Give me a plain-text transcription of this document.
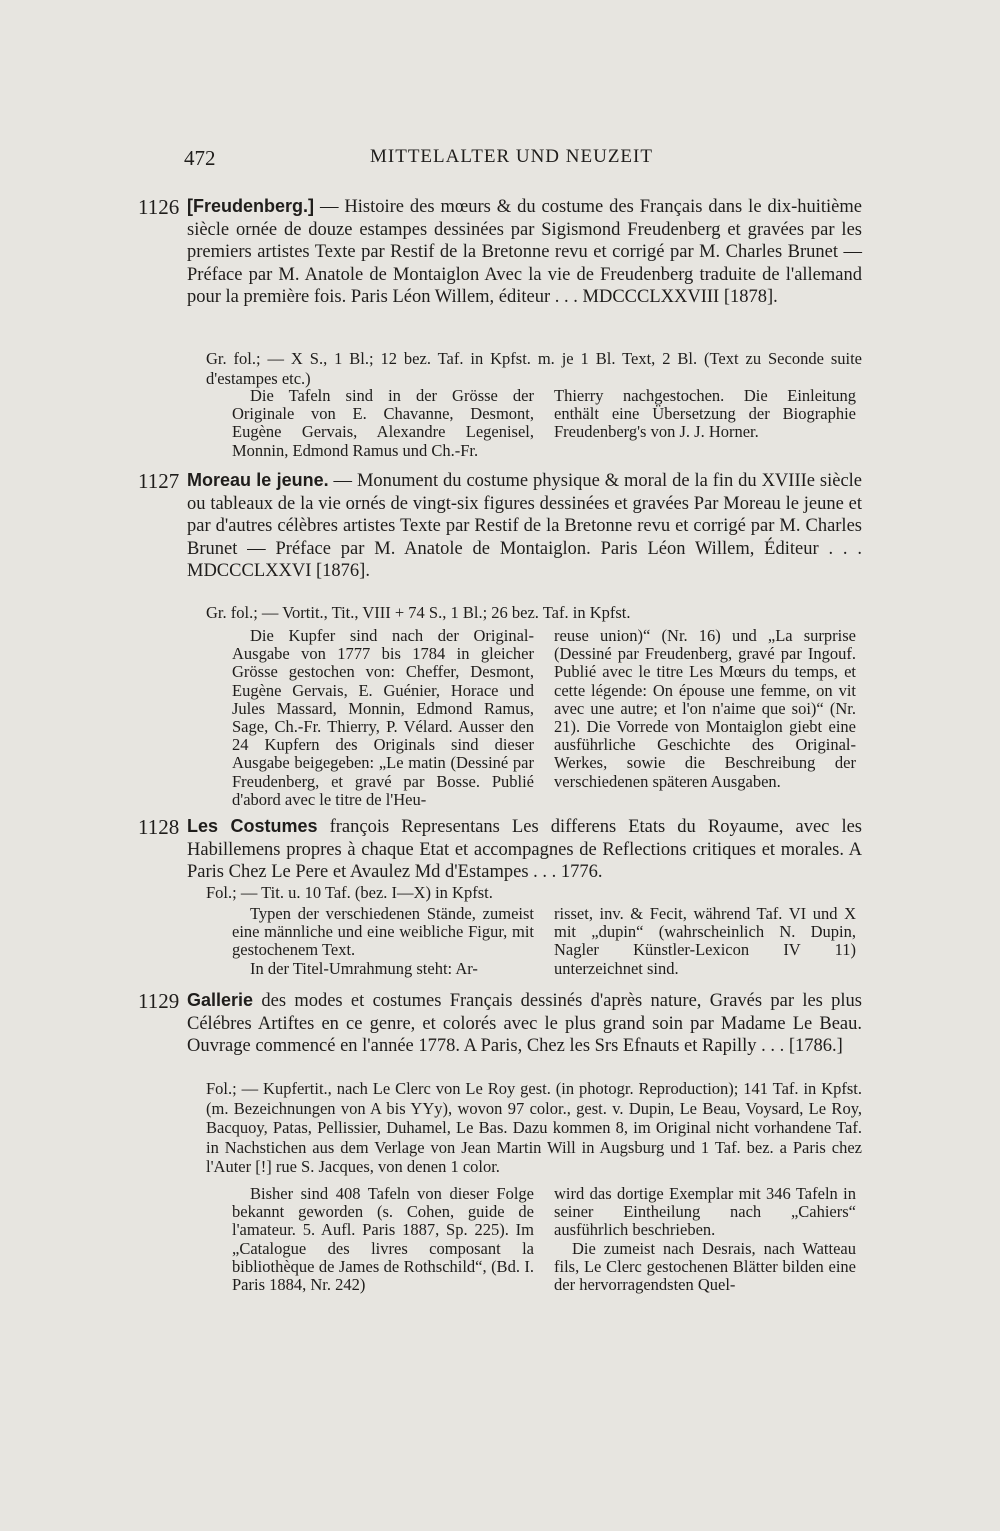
472	MITTELALTER UND NEUZEIT
1126 [Freudenberg.] — Histoire des mœurs & du costume des Français dans le dix-huitième siècle ornée de douze estampes dessinées par Sigismond Freudenberg et gravées par les premiers artistes Texte par Restif de la Bretonne revu et corrigé par M. Charles Brunet — Préface par M. Anatole de Montaiglon Avec la vie de Freudenberg traduite de l'allemand pour la première fois. Paris Léon Willem, éditeur . . . MDCCCLXXVIII [1878].
Gr. fol.; — X S., 1 Bl.; 12 bez. Taf. in Kpfst. m. je 1 Bl. Text, 2 Bl. (Text zu Seconde suite d'estampes etc.)

Die Tafeln sind in der Grösse der Originale von E. Chavanne, Desmont, Eugène Gervais, Alexandre Legenisel, Monnin, Edmond Ramus und Ch.-Fr.

Thierry nachgestochen. Die Einleitung enthält eine Übersetzung der Biographie Freudenberg's von J. J. Horner.

1127 Moreau le jeune. — Monument du costume physique & moral de la fin du XVIIIe siècle ou tableaux de la vie ornés de vingt-six figures dessinées et gravées Par Moreau le jeune et par d'autres célèbres artistes Texte par Restif de la Bretonne revu et corrigé par M. Charles Brunet — Préface par M. Anatole de Montaiglon. Paris Léon Willem, Éditeur . . . MDCCCLXXVI [1876].
Gr. fol.; — Vortit., Tit., VIII + 74 S., 1 Bl.; 26 bez. Taf. in Kpfst.

Die Kupfer sind nach der Original-Ausgabe von 1777 bis 1784 in gleicher Grösse gestochen von: Cheffer, Desmont, Eugène Gervais, E. Guénier, Horace und Jules Massard, Monnin, Edmond Ramus, Sage, Ch.-Fr. Thierry, P. Vélard. Ausser den 24 Kupfern des Originals sind dieser Ausgabe beigegeben: „Le matin (Dessiné par Freudenberg, et gravé par Bosse. Publié d'abord avec le titre de l'Heu-

reuse union)“ (Nr. 16) und „La surprise (Dessiné par Freudenberg, gravé par Ingouf. Publié avec le titre Les Mœurs du temps, et cette légende: On épouse une femme, on vit avec une autre; et l'on n'aime que soi)“ (Nr. 21). Die Vorrede von Montaiglon giebt eine ausführliche Geschichte des Original-Werkes, sowie die Beschreibung der verschiedenen späteren Ausgaben.

1128 Les Costumes françois Representans Les differens Etats du Royaume, avec les Habillemens propres à chaque Etat et accompagnes de Reflections critiques et morales. A Paris Chez Le Pere et Avaulez Md d'Estampes . . . 1776.
Fol.; — Tit. u. 10 Taf. (bez. I—X) in Kpfst.

Typen der verschiedenen Stände, zumeist eine männliche und eine weibliche Figur, mit gestochenem Text.

In der Titel-Umrahmung steht: Ar-

risset, inv. & Fecit, während Taf. VI und X mit „dupin“ (wahrscheinlich N. Dupin, Nagler Künstler-Lexicon IV 11) unterzeichnet sind.

1129 Gallerie des modes et costumes Français dessinés d'après nature, Gravés par les plus Célébres Artiftes en ce genre, et colorés avec le plus grand soin par Madame Le Beau. Ouvrage commencé en l'année 1778. A Paris, Chez les Srs Efnauts et Rapilly . . . [1786.]
Fol.; — Kupfertit., nach Le Clerc von Le Roy gest. (in photogr. Reproduction); 141 Taf. in Kpfst. (m. Bezeichnungen von A bis YYy), wovon 97 color., gest. v. Dupin, Le Beau, Voysard, Le Roy, Bacquoy, Patas, Pellissier, Duhamel, Le Bas. Dazu kommen 8, im Original nicht vorhandene Taf. in Nachstichen aus dem Verlage von Jean Martin Will in Augsburg und 1 Taf. bez. a Paris chez l'Auter [!] rue S. Jacques, von denen 1 color.

Bisher sind 408 Tafeln von dieser Folge bekannt geworden (s. Cohen, guide de l'amateur. 5. Aufl. Paris 1887, Sp. 225). Im „Catalogue des livres composant la bibliothèque de James de Rothschild“, (Bd. I. Paris 1884, Nr. 242)

wird das dortige Exemplar mit 346 Tafeln in seiner Eintheilung nach „Cahiers“ ausführlich beschrieben.

Die zumeist nach Desrais, nach Watteau fils, Le Clerc gestochenen Blätter bilden eine der hervorragendsten Quel-
